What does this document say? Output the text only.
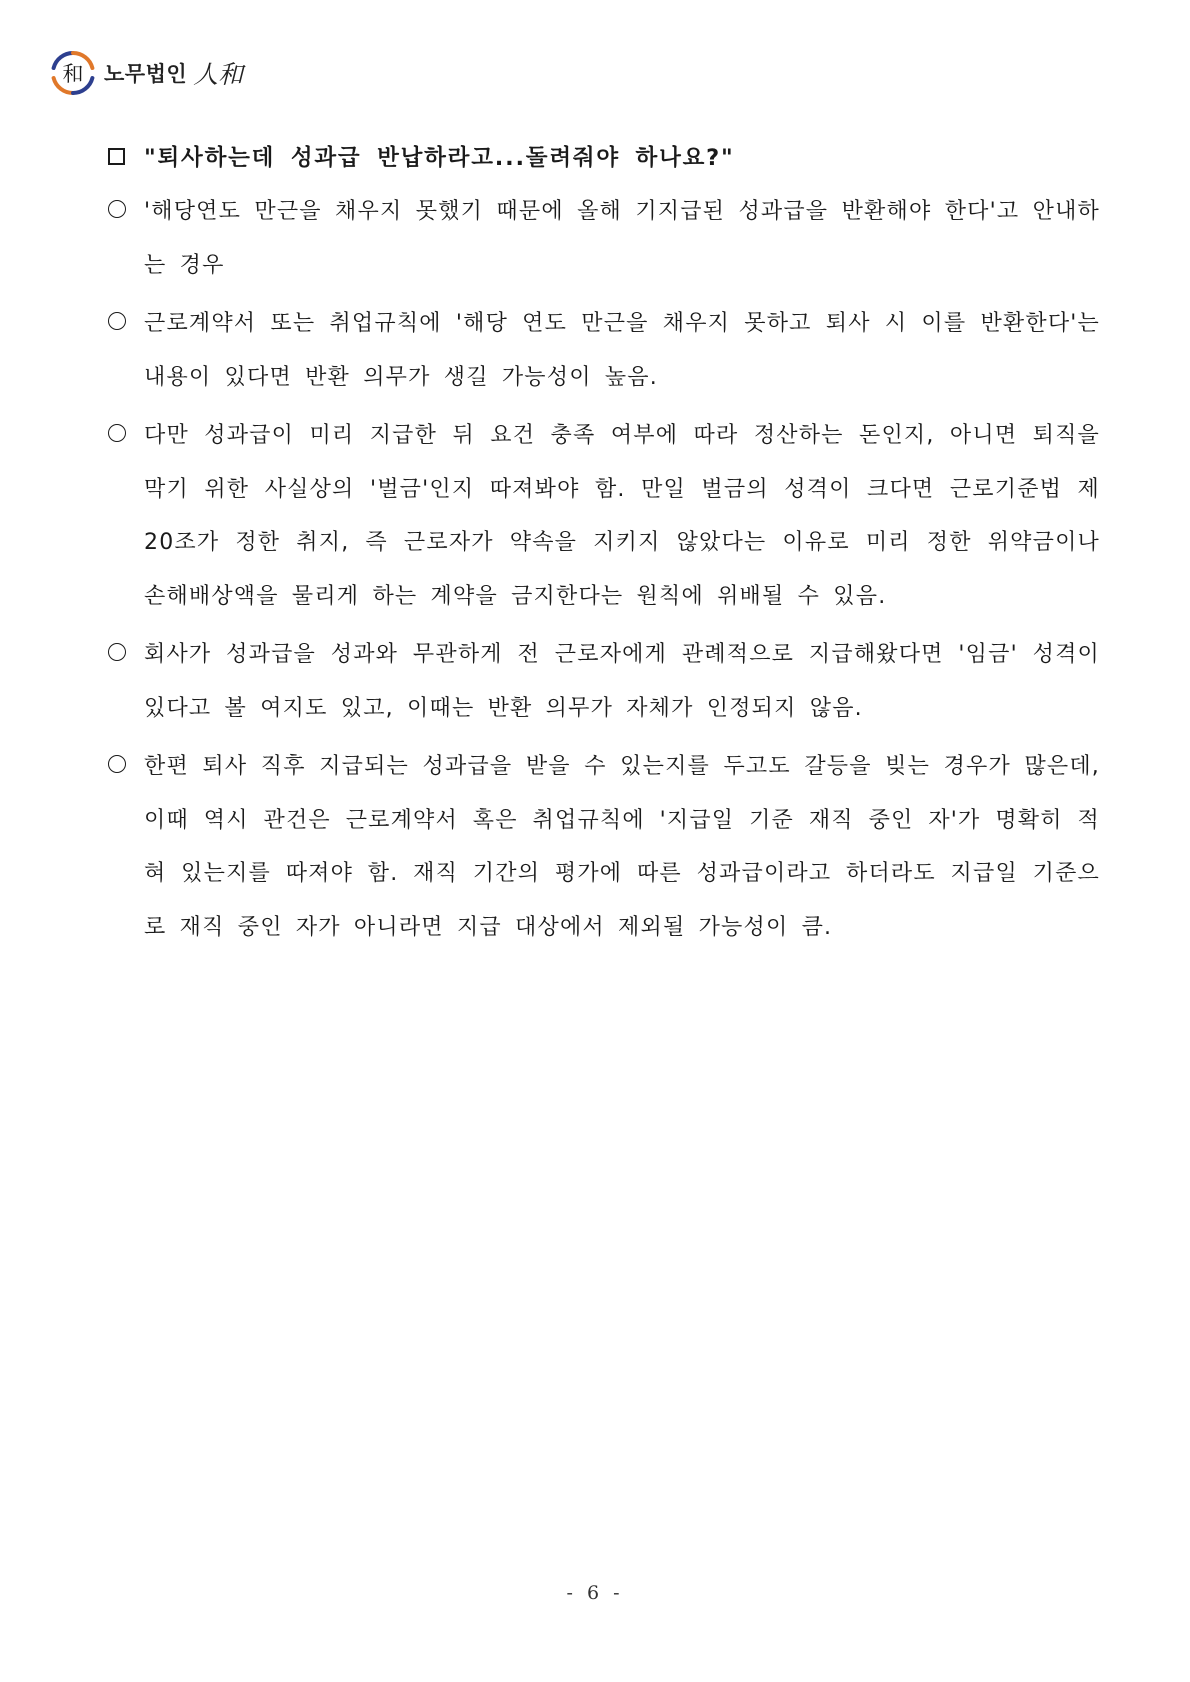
和 노무법인 人和
"퇴사하는데 성과급 반납하라고...돌려줘야 하나요?"
'해당연도 만근을 채우지 못했기 때문에 올해 기지급된 성과급을 반환해야 한다'고 안내하는 경우
근로계약서 또는 취업규칙에 '해당 연도 만근을 채우지 못하고 퇴사 시 이를 반환한다'는 내용이 있다면 반환 의무가 생길 가능성이 높음.
다만 성과급이 미리 지급한 뒤 요건 충족 여부에 따라 정산하는 돈인지, 아니면 퇴직을 막기 위한 사실상의 '벌금'인지 따져봐야 함. 만일 벌금의 성격이 크다면 근로기준법 제20조가 정한 취지, 즉 근로자가 약속을 지키지 않았다는 이유로 미리 정한 위약금이나 손해배상액을 물리게 하는 계약을 금지한다는 원칙에 위배될 수 있음.
회사가 성과급을 성과와 무관하게 전 근로자에게 관례적으로 지급해왔다면 '임금' 성격이 있다고 볼 여지도 있고, 이때는 반환 의무가 자체가 인정되지 않음.
한편 퇴사 직후 지급되는 성과급을 받을 수 있는지를 두고도 갈등을 빚는 경우가 많은데, 이때 역시 관건은 근로계약서 혹은 취업규칙에 '지급일 기준 재직 중인 자'가 명확히 적혀 있는지를 따져야 함. 재직 기간의 평가에 따른 성과급이라고 하더라도 지급일 기준으로 재직 중인 자가 아니라면 지급 대상에서 제외될 가능성이 큼.
- 6 -
